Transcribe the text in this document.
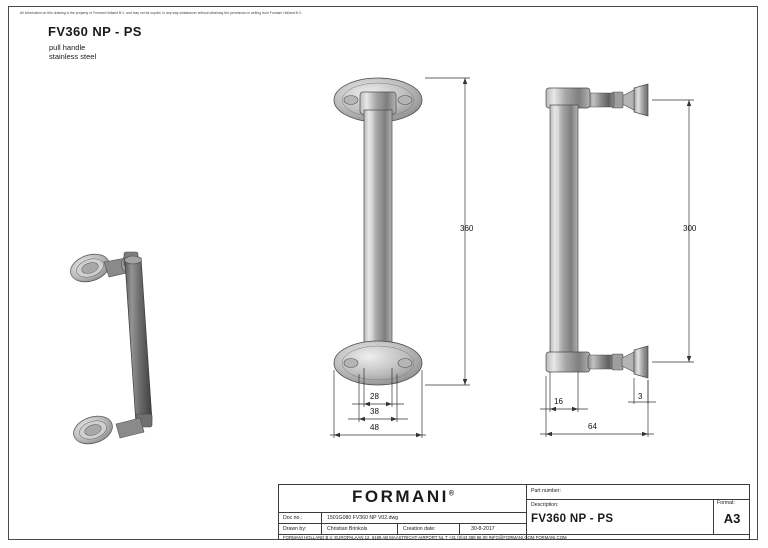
All information on this drawing is the property of Formani Holland B.V. and may not be copied, in any way whatsoever without obtaining the permission in writing from Formani Holland B.V.
FV360 NP - PS
pull handle
stainless steel
360
28
38
48
300
16
64
3
FORMANI®
Doc no.:	1501G080 FV360 NP V02.dwg
Drawn by:	Christian Brinkols	Creation date:	30-8-2017
Part number:
Description:
FV360 NP - PS
Format:
A3
FORMANI HOLLAND B.V. EUROPALAAN 12, 6199 AB MAASTRICHT-AIRPORT NL T +31 (0)43 388 96 00 INFO@FORMANI.COM FORMANI.COM
